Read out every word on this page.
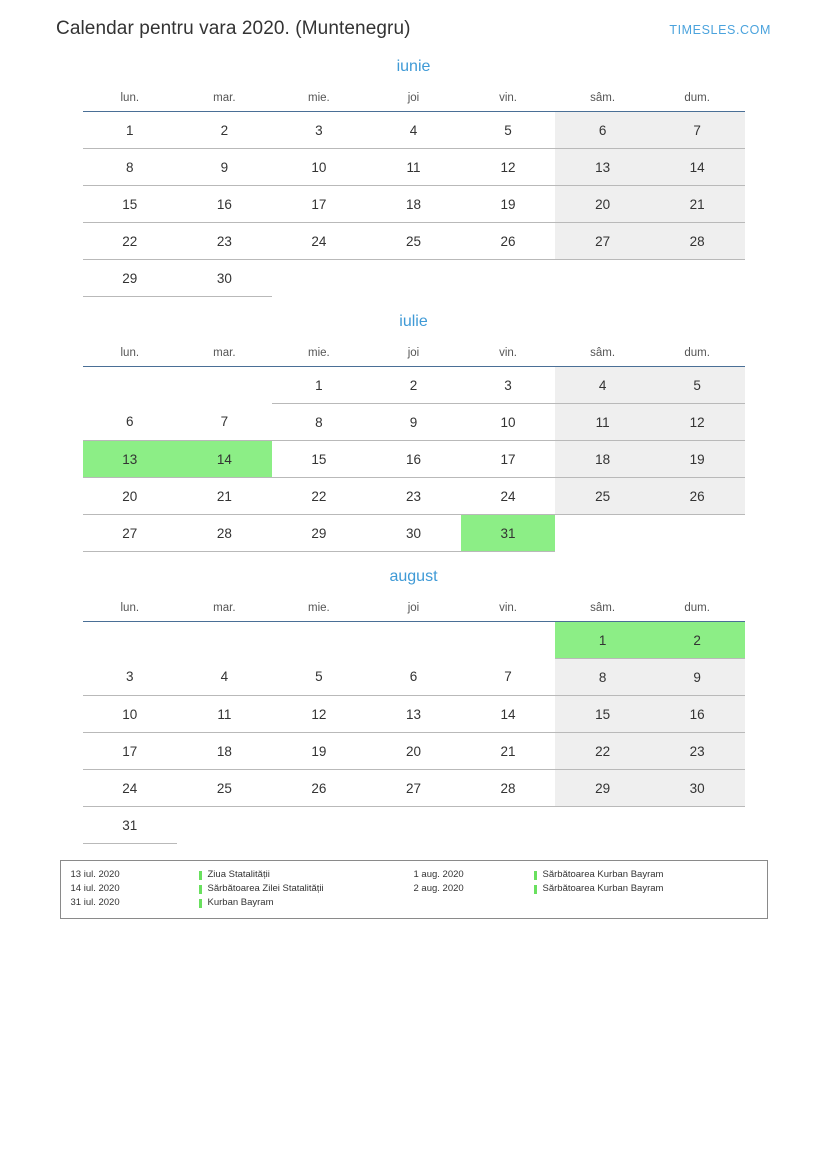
Calendar pentru vara 2020. (Muntenegru)	TIMESLES.COM
iunie
lun.	mar.	mie.	joi	vin.	sâm.	dum.
1	2	3	4	5	6	7
8	9	10	11	12	13	14
15	16	17	18	19	20	21
22	23	24	25	26	27	28
29	30					
iulie
lun.	mar.	mie.	joi	vin.	sâm.	dum.
		1	2	3	4	5
6	7	8	9	10	11	12
13	14	15	16	17	18	19
20	21	22	23	24	25	26
27	28	29	30	31		
august
lun.	mar.	mie.	joi	vin.	sâm.	dum.
					1	2
3	4	5	6	7	8	9
10	11	12	13	14	15	16
17	18	19	20	21	22	23
24	25	26	27	28	29	30
31						
13 iul. 2020	Ziua Statalității
14 iul. 2020	Sărbătoarea Zilei Statalității
31 iul. 2020	Kurban Bayram
1 aug. 2020	Sărbătoarea Kurban Bayram
2 aug. 2020	Sărbătoarea Kurban Bayram
